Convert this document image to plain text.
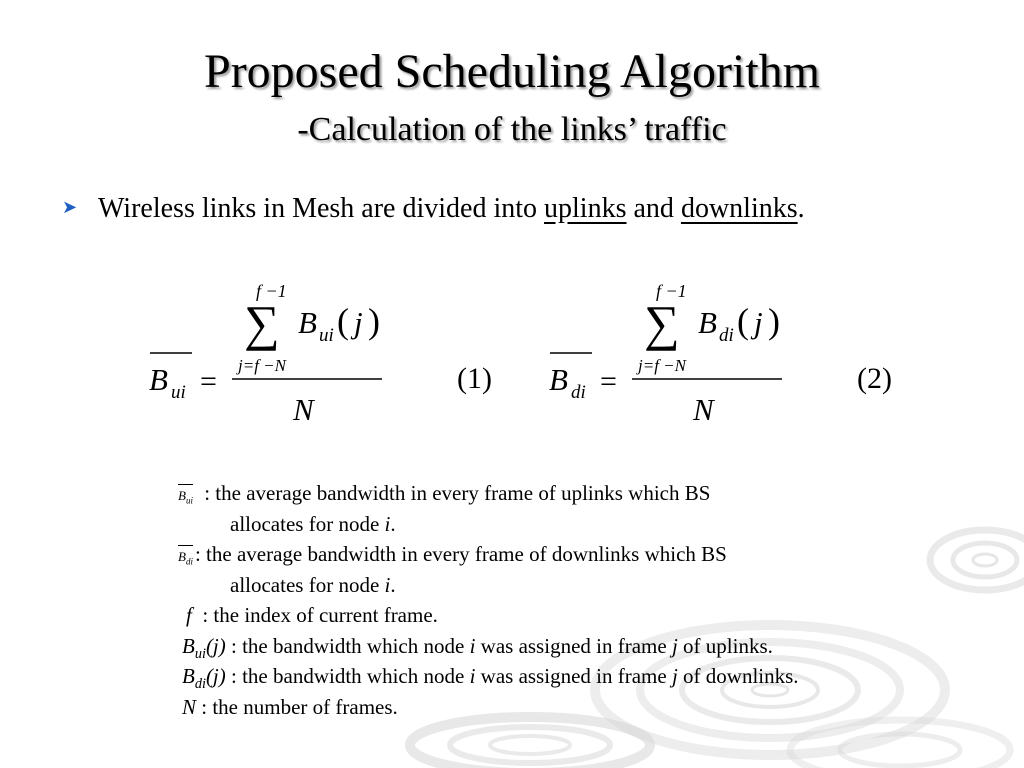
Proposed Scheduling Algorithm
-Calculation of the links’ traffic
➤ Wireless links in Mesh are divided into uplinks and downlinks.
B ui =
f −1
∑
j=f −N
B ui ( j )
N
(1) B di =
f −1
∑
j=f −N
B di ( j )
N
(2)
$B_{ui}$ : the average bandwidth in every frame of uplinks which BS
allocates for node i.
$B_{di}$: the average bandwidth in every frame of downlinks which BS
allocates for node i.
f  : the index of current frame.
$B_{ui}(j)$ : the bandwidth which node i was assigned in frame j of uplinks.
$B_{di}(j)$ : the bandwidth which node i was assigned in frame j of downlinks.
N : the number of frames.
